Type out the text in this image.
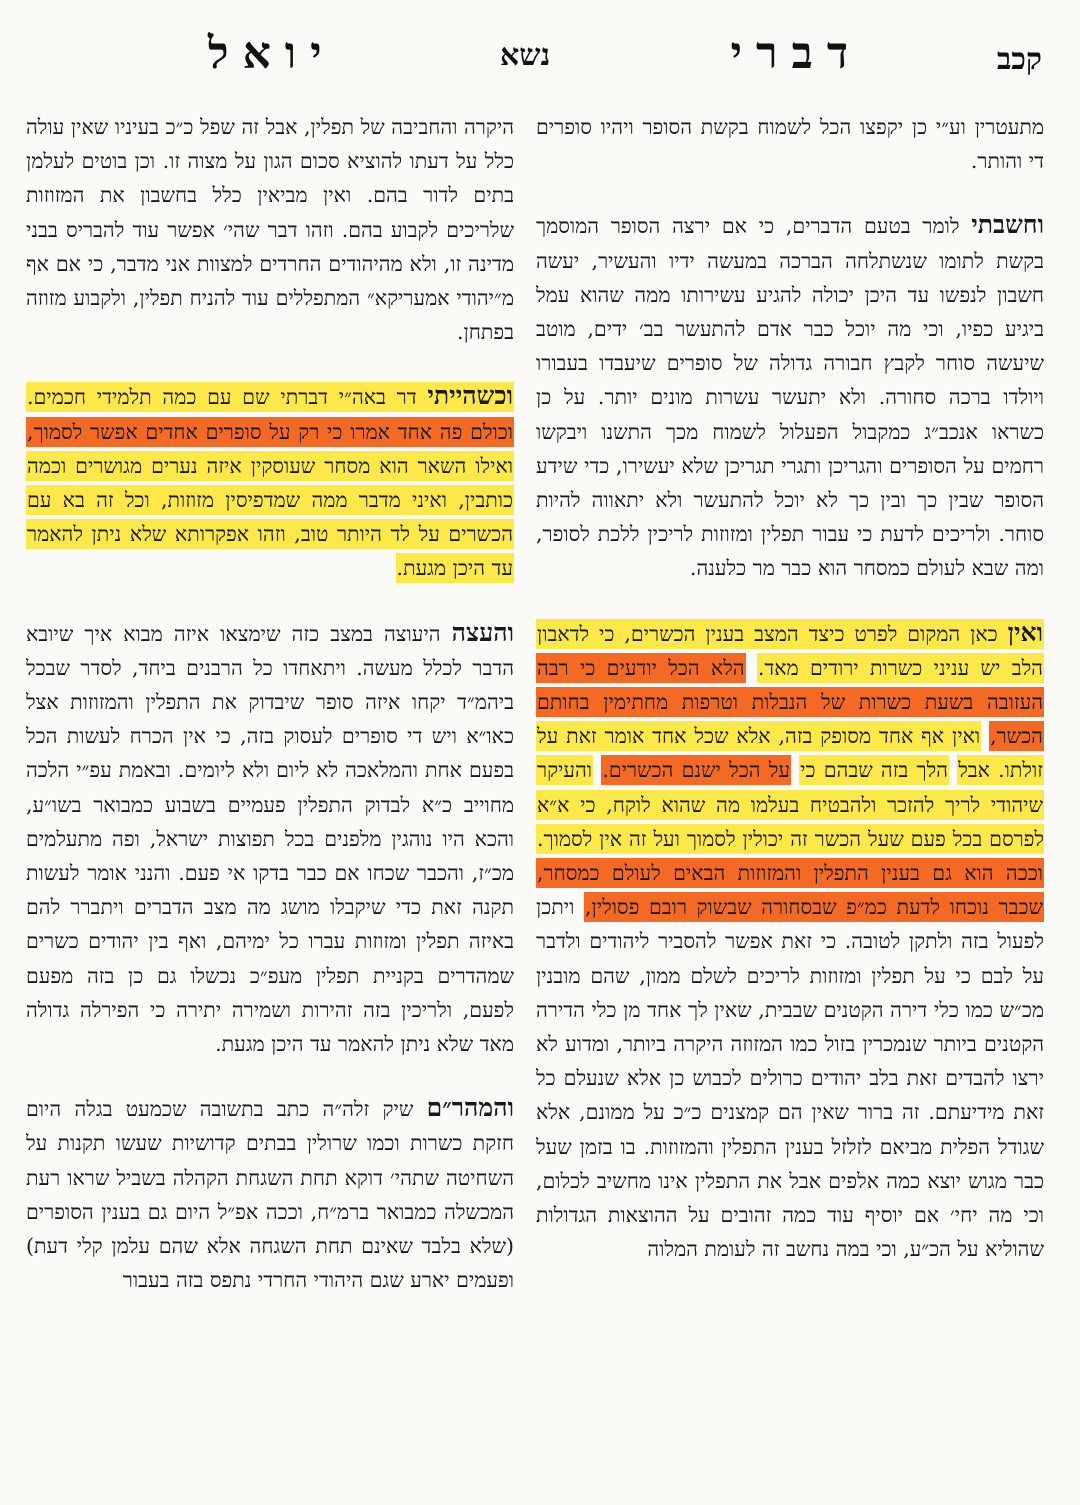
קכב
דברי
נשא
יואל

מתעטרין וע״י כן יקפצו הכל לשמוח בקשת הסופר ויהיו סופרים די והותר.

וחשבתי לומר בטעם הדברים, כי אם ירצה הסופר המוסמך בקשת לתומו שנשתלחה הברכה במעשה ידיו והעשיר, יעשה חשבון לנפשו עד היכן יכולה להגיע עשירותו ממה שהוא עמל ביגיע כפיו, וכי מה יוכל כבר אדם להתעשר בב׳ ידים, מוטב שיעשה סוחר לקבץ חבורה גדולה של סופרים שיעבדו בעבורו ויולדו ברכה סחורה. ולא יתעשר עשרות מונים יותר. על כן כשראו אנכב״ג כמקבול הפעלול לשמוח מכך התשנו ויבקשו רחמים על הסופרים והגריכן ותגרי תגריכן שלא יעשירו, כדי שידע הסופר שבין כך ובין כך לא יוכל להתעשר ולא יתאווה להיות סוחר. ולריכים לדעת כי עבור תפלין ומזוזות לריכין ללכת לסופר, ומה שבא לעולם כמסחר הוא כבר מר כלענה.

ואין כאן המקום לפרט כיצד המצב בענין הכשרים, כי לדאבון הלב יש עניני כשרות ירודים מאד. הלא הכל יודעים כי רבה העזובה בשעת כשרות של הנבלות וטרפות מחתימין בחותם הכשר, ואין אף אחד מסופק בזה, אלא שכל אחד אומר זאת על זולתו. אבל הלך בזה שבהם כי על הכל ישנם הכשרים. והעיקר שיהודי לריך להזכר ולהבטיח בעלמו מה שהוא לוקח, כי א״א לפרסם בכל פעם שעל הכשר זה יכולין לסמוך ועל זה אין לסמוך. וככה הוא גם בענין התפלין והמזוזות הבאים לעולם כמסחר, שכבר נוכחו לדעת כמ״פ שבסחורה שבשוק רובם פסולין, ויתכן לפעול בזה ולתקן לטובה. כי זאת אפשר להסביר ליהודים ולדבר על לבם כי על תפלין ומזוזות לריכים לשלם ממון, שהם מובנין מכ״ש כמו כלי דירה הקטנים שבבית, שאין לך אחד מן כלי הדירה הקטנים ביותר שנמכרין בזול כמו המזוזה היקרה ביותר, ומדוע לא ירצו להבדים זאת בלב יהודים כרולים לכבוש כן אלא שנעלם כל זאת מידיעתם. זה ברור שאין הם קמצנים כ״כ על ממונם, אלא שגודל הפלית מביאם לזלזל בענין התפלין והמזוזות. בו בזמן שעל כבר מגוש יוצא כמה אלפים אבל את התפלין אינו מחשיב לכלום, וכי מה יחי׳ אם יוסיף עוד כמה זהובים על ההוצאות הגדולות שהוליא על הכ״ע, וכי במה נחשב זה לעומת המלוה

היקרה והחביבה של תפלין, אבל זה שפל כ״כ בעיניו שאין עולה כלל על דעתו להוציא סכום הגון על מצוה זו. וכן בוטים לעלמן בתים לדור בהם. ואין מביאין כלל בחשבון את המזוזות שלריכים לקבוע בהם. וזהו דבר שהי׳ אפשר עוד להבריס בבני מדינה זו, ולא מהיהודים החרדים למצוות אני מדבר, כי אם אף מ״יהודי אמעריקא״ המתפללים עוד להניח תפלין, ולקבוע מזוזה בפתחן.

וכשהייתי דר באה״י דברתי שם עם כמה תלמידי חכמים. וכולם פה אחד אמרו כי רק על סופרים אחדים אפשר לסמוך, ואילו השאר הוא מסחר שעוסקין איזה נערים מגושרים וכמה כותבין, ואיני מדבר ממה שמדפיסין מזוזות, וכל זה בא עם הכשרים על לד היותר טוב, וזהו אפקרותא שלא ניתן להאמר עד היכן מגעת.

והעצה היעוצה במצב כזה שימצאו איזה מבוא איך שיובא הדבר לכלל מעשה. ויתאחדו כל הרבנים ביחד, לסדר שבכל ביהמ״ד יקחו איזה סופר שיבדוק את התפלין והמזוזות אצל כאו״א ויש די סופרים לעסוק בזה, כי אין הכרח לעשות הכל בפעם אחת והמלאכה לא ליום ולא ליומים. ובאמת עפ״י הלכה מחוייב כ״א לבדוק התפלין פעמיים בשבוע כמבואר בשו״ע, והכא היו נוהגין מלפנים בכל תפוצות ישראל, ופה מתעלמים מכ״ז, והכבר שכחו אם כבר בדקו אי פעם. והנני אומר לעשות תקנה זאת כדי שיקבלו מושג מה מצב הדברים ויתברר להם באיזה תפלין ומזוזות עברו כל ימיהם, ואף בין יהודים כשרים שמהדרים בקניית תפלין מעפ״כ נכשלו גם כן בזה מפעם לפעם, ולריכין בזה זהירות ושמירה יתירה כי הפירלה גדולה מאד שלא ניתן להאמר עד היכן מגעת.

והמהר״ם שיק זלה״ה כתב בתשובה שכמעט בגלה היום חזקת כשרות וכמו שרולין בבתים קדושיות שעשו תקנות על השחיטה שתהי׳ דוקא תחת השגחת הקהלה בשביל שראו רעת המכשלה כמבואר ברמ״ח, וככה אפ״ל היום גם בענין הסופרים (שלא בלבד שאינם תחת השגחה אלא שהם עלמן קלי דעת) ופעמים יארע שגם היהודי החרדי נתפס בזה בעבור
